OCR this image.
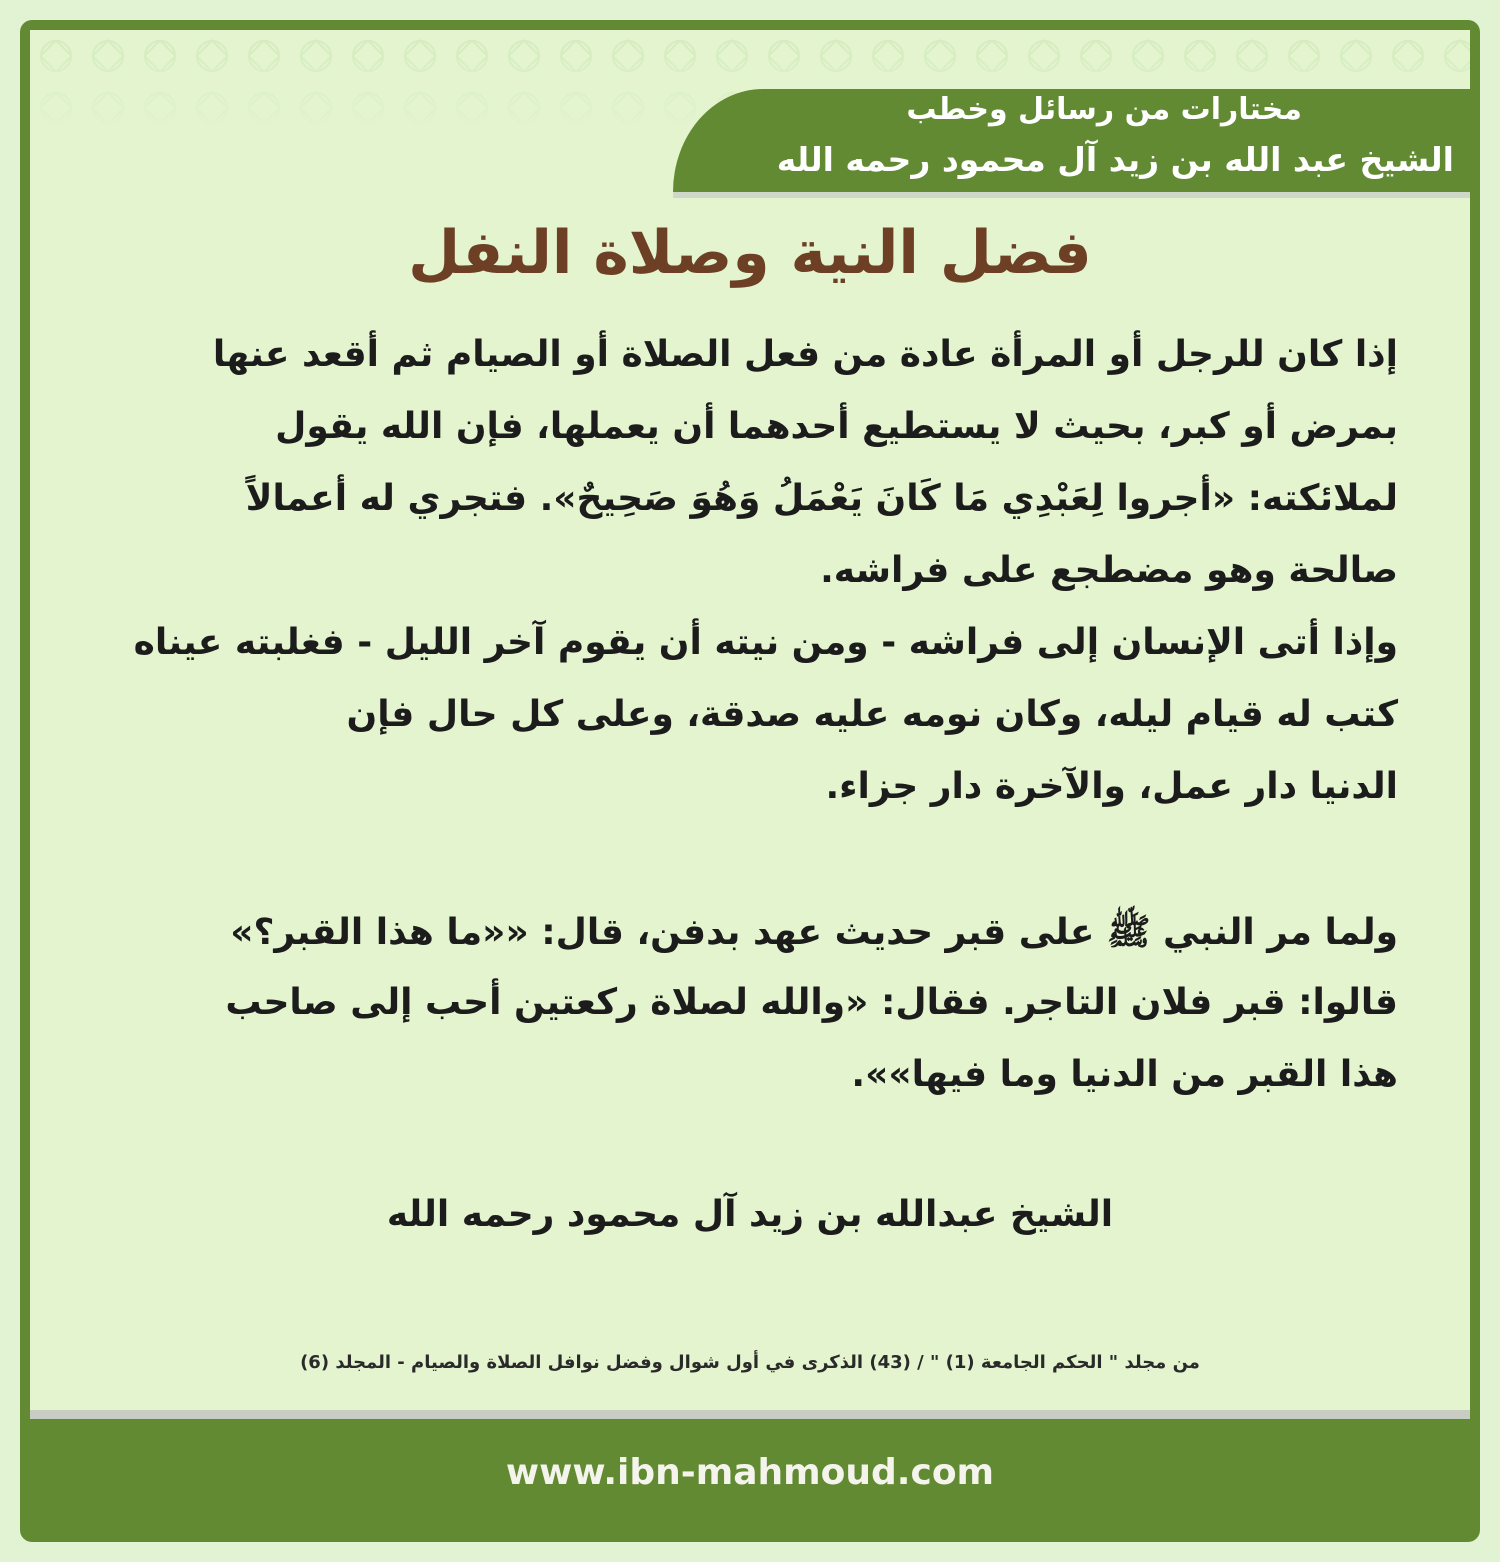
مختارات من رسائل وخطب
الشيخ عبد الله بن زيد آل محمود رحمه الله
فضل النية وصلاة النفل
إذا كان للرجل أو المرأة عادة من فعل الصلاة أو الصيام ثم أقعد عنها
بمرض أو كبر، بحيث لا يستطيع أحدهما أن يعملها، فإن الله يقول
لملائكته: «أجروا لِعَبْدِي مَا كَانَ يَعْمَلُ وَهُوَ صَحِيحٌ». فتجري له أعمالاً
صالحة وهو مضطجع على فراشه.
وإذا أتى الإنسان إلى فراشه - ومن نيته أن يقوم آخر الليل - فغلبته عيناه
كتب له قيام ليله، وكان نومه عليه صدقة، وعلى كل حال فإن
الدنيا دار عمل، والآخرة دار جزاء.
ولما مر النبي ﷺ على قبر حديث عهد بدفن، قال: ««ما هذا القبر؟»
قالوا: قبر فلان التاجر. فقال: «والله لصلاة ركعتين أحب إلى صاحب
هذا القبر من الدنيا وما فيها»».
الشيخ عبدالله بن زيد آل محمود رحمه الله
من مجلد " الحكم الجامعة (1) " / (43) الذكرى في أول شوال وفضل نوافل الصلاة والصيام - المجلد (6)
www.ibn-mahmoud.com
